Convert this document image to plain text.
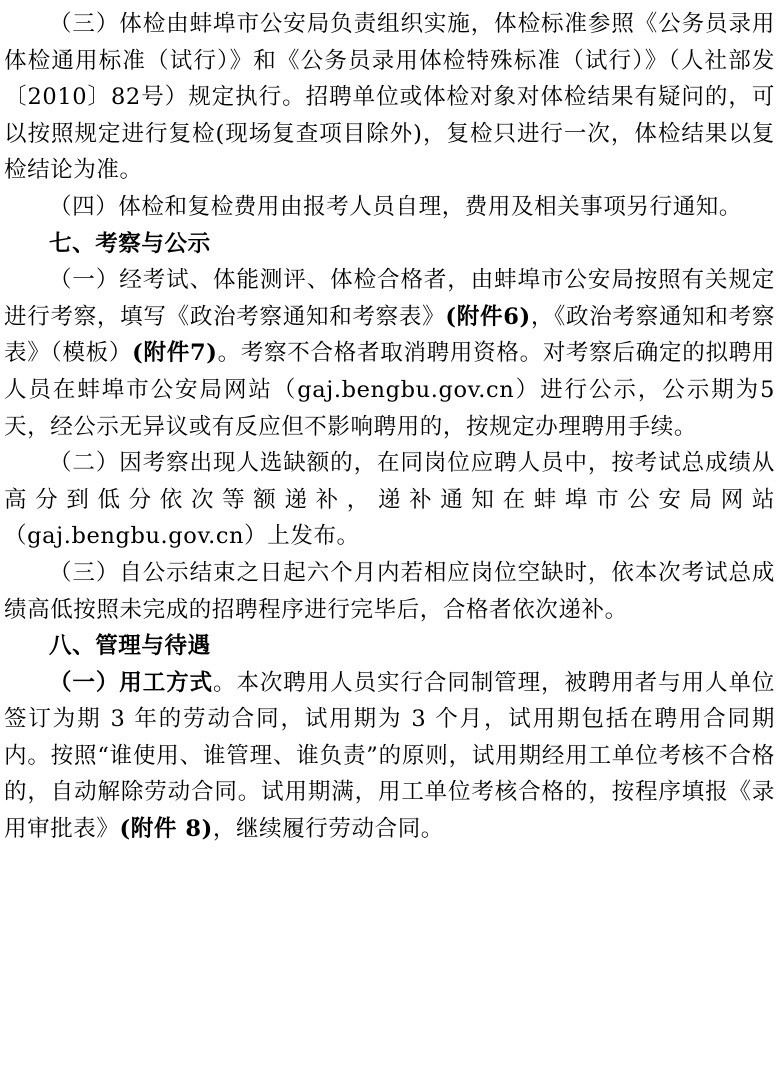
（三）体检由蚌埠市公安局负责组织实施，体检标准参照《公务员录用体检通用标准（试行）》和《公务员录用体检特殊标准（试行）》（人社部发〔2010〕82号）规定执行。招聘单位或体检对象对体检结果有疑问的，可以按照规定进行复检(现场复查项目除外)，复检只进行一次，体检结果以复检结论为准。

（四）体检和复检费用由报考人员自理，费用及相关事项另行通知。

七、考察与公示

（一）经考试、体能测评、体检合格者，由蚌埠市公安局按照有关规定进行考察，填写《政治考察通知和考察表》(附件6)，《政治考察通知和考察表》（模板）(附件7)。考察不合格者取消聘用资格。对考察后确定的拟聘用人员在蚌埠市公安局网站（gaj.bengbu.gov.cn）进行公示，公示期为5天，经公示无异议或有反应但不影响聘用的，按规定办理聘用手续。

（二）因考察出现人选缺额的，在同岗位应聘人员中，按考试总成绩从高分到低分依次等额递补，递补通知在蚌埠市公安局网站（gaj.bengbu.gov.cn）上发布。

（三）自公示结束之日起六个月内若相应岗位空缺时，依本次考试总成绩高低按照未完成的招聘程序进行完毕后，合格者依次递补。

八、管理与待遇

（一）用工方式。本次聘用人员实行合同制管理，被聘用者与用人单位签订为期 3 年的劳动合同，试用期为 3 个月，试用期包括在聘用合同期内。按照“谁使用、谁管理、谁负责”的原则，试用期经用工单位考核不合格的，自动解除劳动合同。试用期满，用工单位考核合格的，按程序填报《录用审批表》(附件 8)，继续履行劳动合同。
